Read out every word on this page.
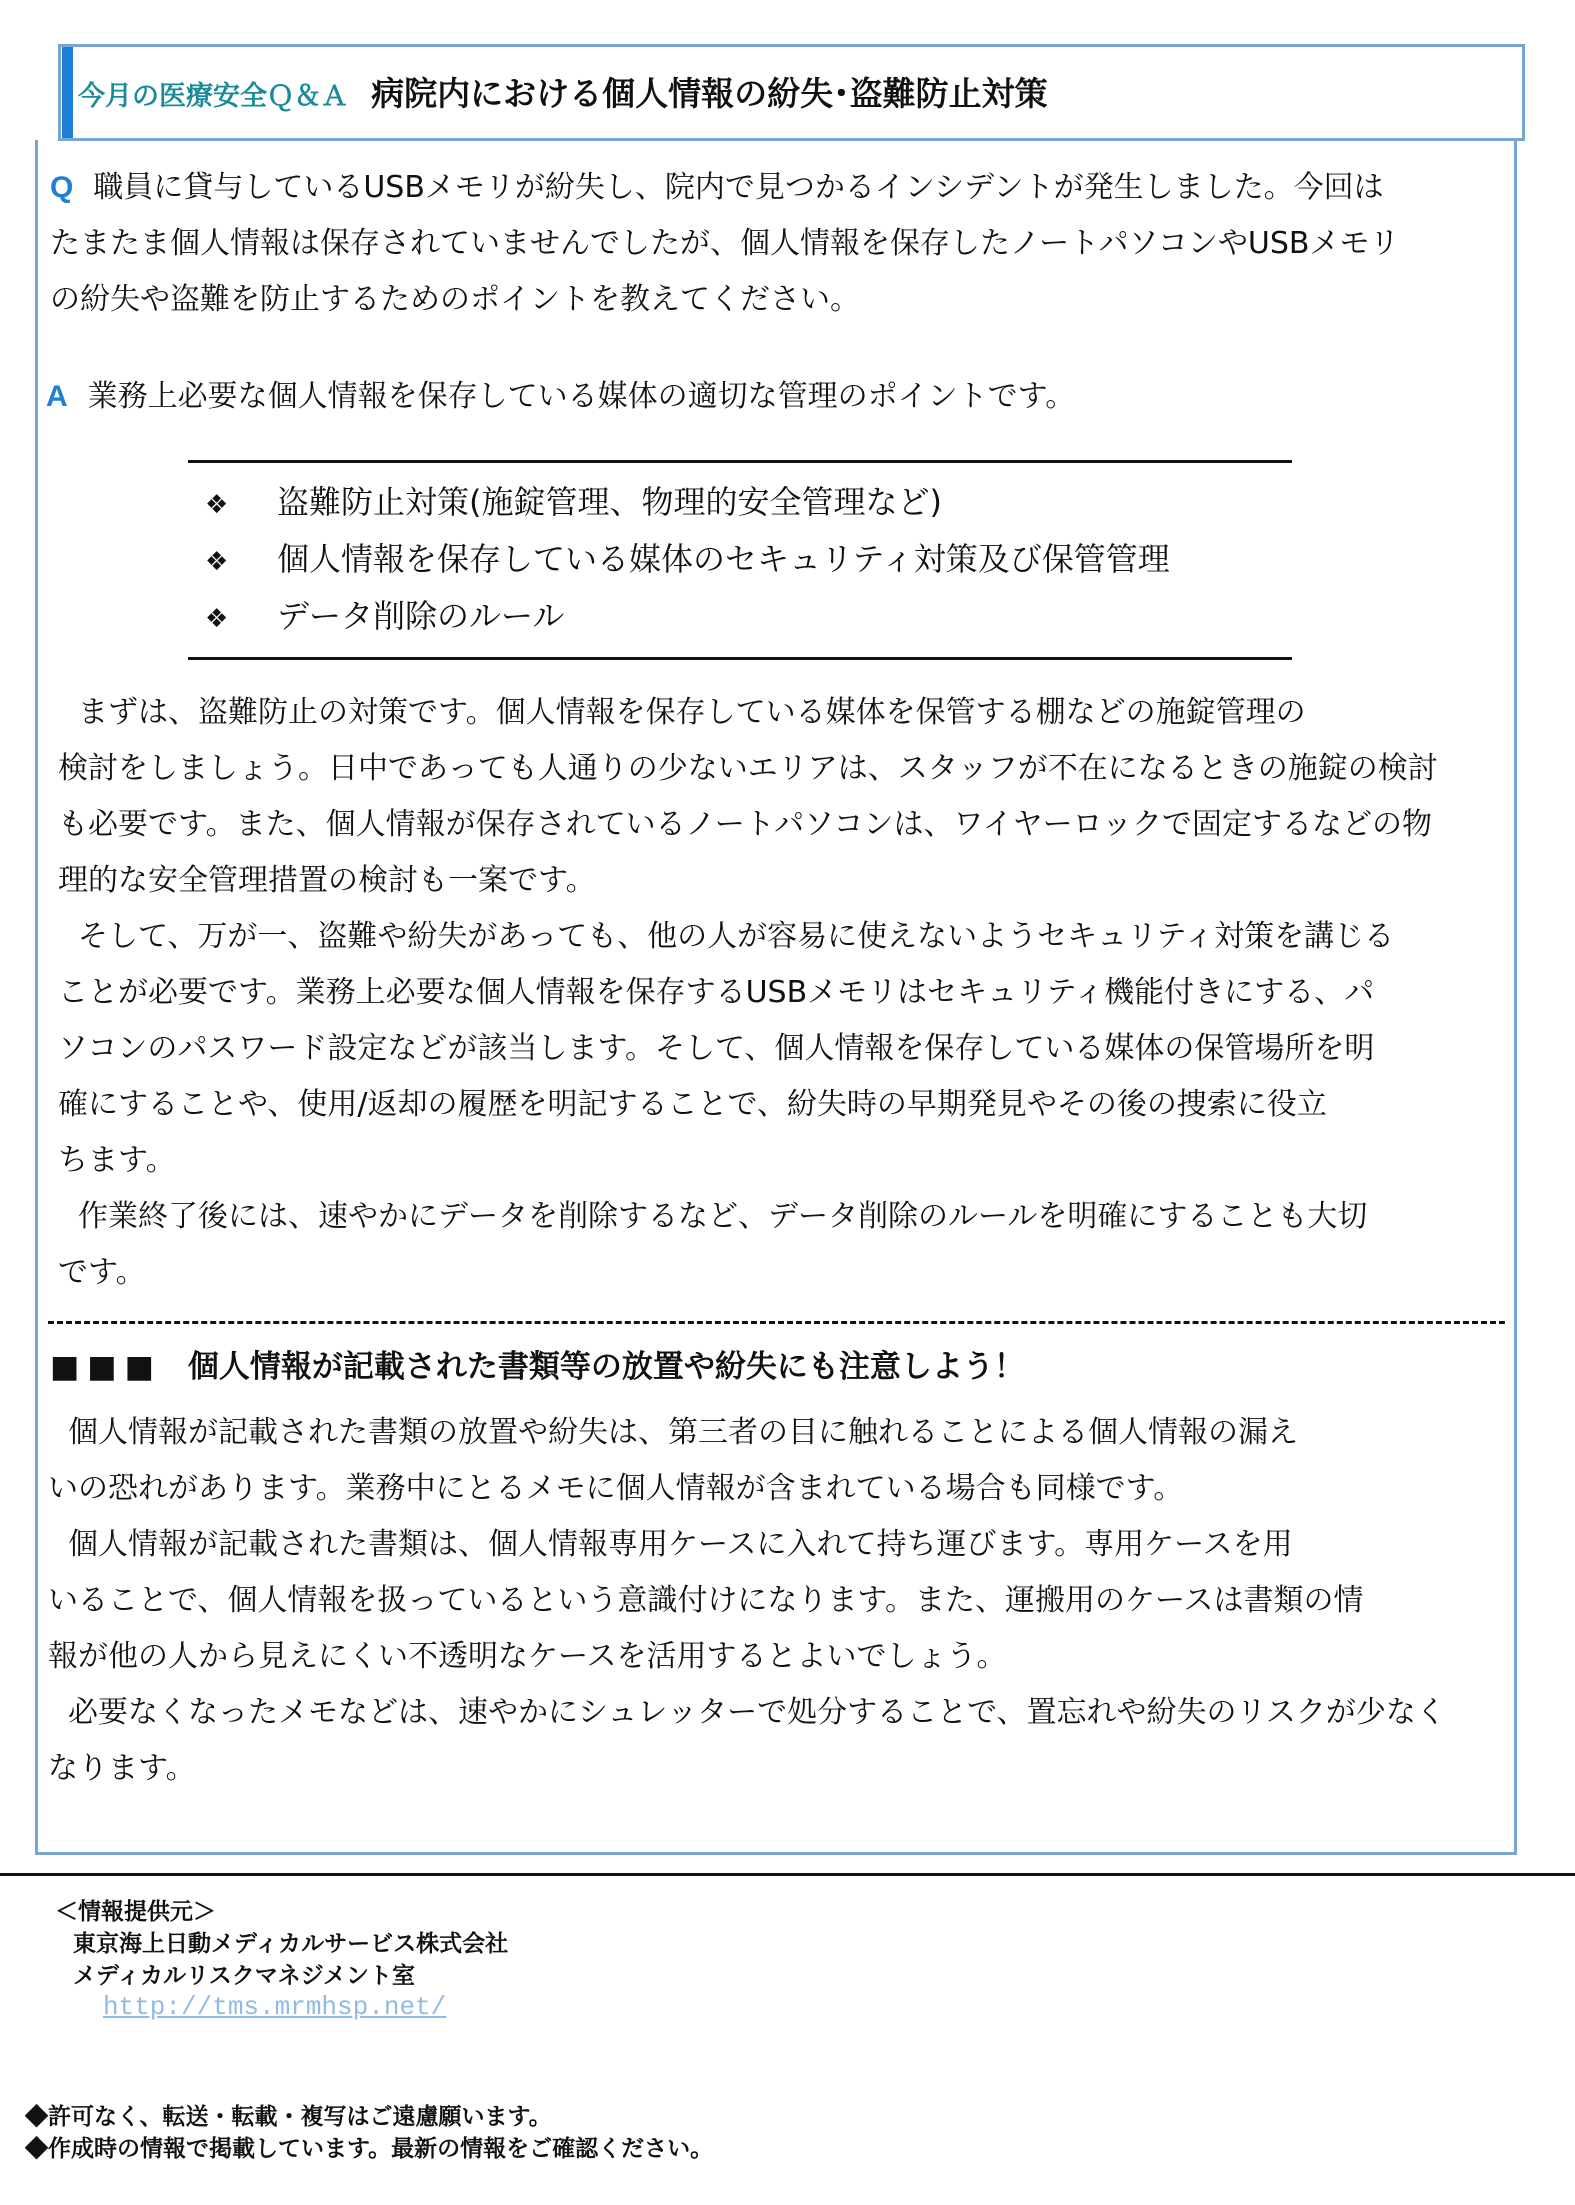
今月の医療安全Ｑ＆Ａ 病院内における個人情報の紛失･盗難防止対策
Q 職員に貸与しているUSBメモリが紛失し、院内で見つかるインシデントが発生しました。今回は
たまたま個人情報は保存されていませんでしたが、個人情報を保存したノートパソコンやUSBメモリ
の紛失や盗難を防止するためのポイントを教えてください。
A 業務上必要な個人情報を保存している媒体の適切な管理のポイントです。
❖ 盗難防止対策(施錠管理、物理的安全管理など)
❖ 個人情報を保存している媒体のセキュリティ対策及び保管管理
❖ データ削除のルール
まずは、盗難防止の対策です。個人情報を保存している媒体を保管する棚などの施錠管理の
検討をしましょう。日中であっても人通りの少ないエリアは、スタッフが不在になるときの施錠の検討
も必要です。また、個人情報が保存されているノートパソコンは、ワイヤーロックで固定するなどの物
理的な安全管理措置の検討も一案です。
そして、万が一、盗難や紛失があっても、他の人が容易に使えないようセキュリティ対策を講じる
ことが必要です。業務上必要な個人情報を保存するUSBメモリはセキュリティ機能付きにする、パ
ソコンのパスワード設定などが該当します。そして、個人情報を保存している媒体の保管場所を明
確にすることや、使用/返却の履歴を明記することで、紛失時の早期発見やその後の捜索に役立
ちます。
作業終了後には、速やかにデータを削除するなど、データ削除のルールを明確にすることも大切
です。
■■■ 個人情報が記載された書類等の放置や紛失にも注意しよう！
個人情報が記載された書類の放置や紛失は、第三者の目に触れることによる個人情報の漏え
いの恐れがあります。業務中にとるメモに個人情報が含まれている場合も同様です。
個人情報が記載された書類は、個人情報専用ケースに入れて持ち運びます。専用ケースを用
いることで、個人情報を扱っているという意識付けになります。また、運搬用のケースは書類の情
報が他の人から見えにくい不透明なケースを活用するとよいでしょう。
必要なくなったメモなどは、速やかにシュレッターで処分することで、置忘れや紛失のリスクが少なく
なります。
＜情報提供元＞
東京海上日動メディカルサービス株式会社
メディカルリスクマネジメント室
http://tms.mrmhsp.net/
◆許可なく、転送・転載・複写はご遠慮願います。
◆作成時の情報で掲載しています。最新の情報をご確認ください。
